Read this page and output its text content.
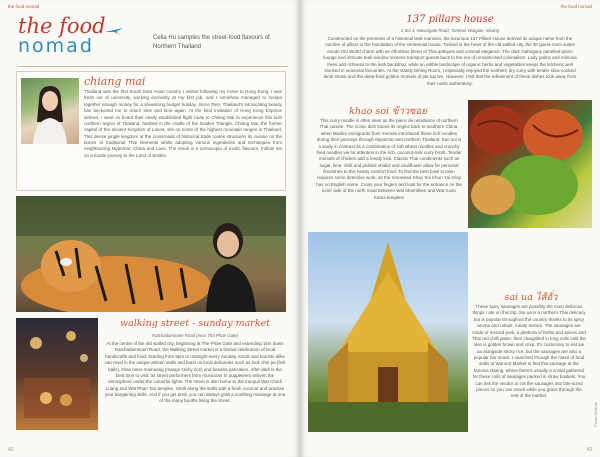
the food nomad
the food
nomad	Celia Hu samples the street-food flavours of Northern Thailand
chiang mai
Thailand was the first South East Asian country I visited following my move to Hong Kong. I was fresh out of university, working earnestly at my first job, and I somehow managed to scrape together enough money for a shoestring budget holiday. Since then, Thailand's intoxicating beauty has beckoned me to return time and time again. At the kind invitation of Hong Kong Express airlines, I went on board their newly established flight route to Chiang Mai to experience this lush northern region of Thailand. Nestled in the cradle of the Golden Triangle, Chiang Mai, the former capital of the ancient Kingdom of Lanna, sits on some of the highest mountain ranges in Thailand. This dense jungle kingdom at the crossroads of historical trade routes structures its cuisine on the bones of traditional Thai elements whilst adopting various ingredients and techniques from neighbouring Myanmar, China and Laos. The result is a cornucopia of exotic flavours. Follow me on a foodie journey to the Land of Smiles.
walking street - sunday market
Ratchadamnoen Road (near Tha Phae Gate)
At the centre of the old walled city, beginning at The Phae Gate and extending 1km down Ratchadamnoen Road, the Walking Street market is a festive celebration of local handicrafts and food. Starting from 5pm to midnight every Sunday, locals and tourists alike can revel in the unique artisan stalls and feast on local delicacies such as look chin pa (fish balls), khao neeo mamuang (mango sticky rice) and banana pancakes. After dark is the best time to visit, as street performers from musicians to puppeteers enliven the atmosphere under the colourful lights. The street is also home to the tranquil Wat Chedi Luang and Wat Phan Tao temples. Stroll along the stalls with a fresh coconut and practise your bargaining skills. And if you get tired, you can always grab a soothing massage at one of the many booths lining the street.
42
the food nomad
137 pillars house
2 Soi 1, Nawatgate Road, Tambon Watgate, Muang
Constructed on the premises of a historical teak mansion, the luxurious 137 Pillars House derived its unique name from the number of pillars in the foundation of the centennial house. Tucked in the heart of the old walled city, the 30 guest-room suites exude Old World charm with an effortless blend of Thai antiques and colonial elegance. The dark mahogany panelled piano lounge and intricate teak window screens transport guests back to the era of romanticised colonialism. Lady palms and mimosa trees add richness to the lush backdrop, while an edible landscape of organic herbs and vegetables keeps the kitchens well stocked in seasonal favourites. At the stately Dining Room, I especially enjoyed the northern dry curry with tender slow-cooked lamb shank and the deep-fried golden morsels of pla tup tim. However, I felt that the refinement of these dishes took away from their rustic authenticity.
khao soi ข้าวซอย
This curry noodle is often seen as the piece de resistance of northern Thai cuisine. The iconic dish traces its origins back to southern China, when Muslim immigrants from Yunnan introduced these rich noodles during their journeys through Myanmar and northern Thailand. Kao soi is a study in contrast as a combination of soft wheat noodles and crunchy fried noodles vie for attention in the rich, coconut-milk curry broth. Tender morsels of chicken add a meaty kick. Classic Thai condiments such as sugar, lime, chilli and pickled shallot and cauliflower allow for personal flourishes to this hearty comfort food. To find the best bowl in town requires some detective work, as the renowned Khao Soi Khun Yai shop has no English name. Cross your fingers and look for the entrance on the inner side of the north moat between Wat Muenthien and Wat Kuan Kama temples!
sai ua ไส้อั่ว
These spicy sausages are possibly the most delicious things I ate on this trip. Sai ua is a northern Thai delicacy but is popular throughout the country thanks to its spicy aroma and robust, meaty texture. The sausages are made of minced pork, a plethora of herbs and spices and Thai red chilli paste, then chargrilled in long coils until the skin is golden brown and crisp. It's customary to eat sai ua alongside sticky rice, but the sausages are also a popular bar snack. I searched through the maze of food stalls at Warorot Market to find this sausage at the famous Daeng, where there's usually a crowd gathered for these coils of sausages packed in straw baskets. You can ask the vendor to cut the sausages into bite-sized pieces so you can snack while you graze through the rest of the market.
Photo: Celia Hu
43
